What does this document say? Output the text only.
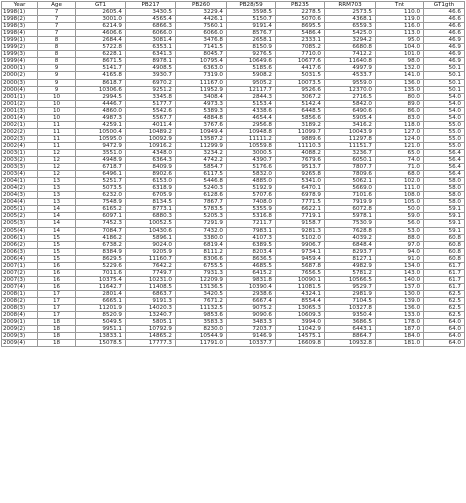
Year	Age	GT1	PB217	PB260	PB28/59	PB235	RRM703	Tnt	GT1gth
1998(1)	7	2605.4	3430.5	3229.4	3598.5	2278.5	2573.5	110.0	46.6
1998(2)	7	3001.0	4565.4	4426.1	5150.7	5070.6	4368.1	119.0	46.6
1998(3)	7	6214.9	6866.3	7560.1	9191.4	8695.5	6559.3	116.0	46.6
1998(4)	7	4606.6	6066.0	6066.0	8576.7	5486.4	5425.0	113.0	46.6
1999(1)	8	2684.4	3081.4	3476.8	2658.1	2333.1	3294.2	95.0	46.9
1999(2)	8	5722.8	6353.1	7141.5	8150.9	7085.2	6680.8	104.0	46.9
1999(3)	8	6228.1	6341.3	8045.7	9276.5	7710.0	7412.2	101.0	46.9
1999(4)	8	8671.5	8978.1	10795.4	10649.6	10677.6	11640.8	98.0	46.9
2000(1)	9	5141.7	4908.5	6363.0	5185.6	4417.6	4997.9	132.0	50.1
2000(2)	9	4165.8	3930.7	7319.0	5908.2	5031.5	4533.7	141.0	50.1
2000(3)	9	8618.7	6970.2	11167.0	9505.2	10073.5	9559.0	136.0	50.1
2000(4)	9	10306.6	9251.2	11952.9	12117.7	9526.6	12370.0	135.0	50.1
2001(1)	10	2994.5	3345.8	3408.4	2844.3	3067.2	2716.5	80.0	54.0
2001(2)	10	4446.7	5177.7	4973.3	5153.4	5142.4	5842.0	89.0	54.0
2001(3)	10	4860.0	5542.6	5389.3	4338.6	6448.5	6490.6	86.0	54.0
2001(4)	10	4987.3	5567.7	4884.8	4654.4	5856.6	5905.4	83.0	54.0
2002(1)	11	4259.1	4011.4	3767.6	2956.8	3189.2	3416.2	118.0	55.0
2002(2)	11	10500.4	10489.2	10949.4	10948.8	11099.7	10043.9	127.0	55.0
2002(3)	11	10595.0	10092.9	13587.2	11111.2	9889.6	11297.8	124.0	55.0
2002(4)	11	9472.9	10916.2	11299.9	10559.8	11110.3	11151.7	121.0	55.0
2003(1)	12	3551.0	4348.0	3234.2	3000.5	4088.2	3236.7	65.0	56.4
2003(2)	12	4948.9	6364.3	4742.2	4390.7	7679.6	6050.1	74.0	56.4
2003(3)	12	6718.7	8409.9	5854.7	5176.6	9513.7	7807.7	71.0	56.4
2003(4)	12	6496.1	8902.6	6117.5	5832.0	9265.8	7809.6	68.0	56.4
2004(1)	13	5251.7	6153.0	5446.8	4885.0	5341.0	5062.1	102.0	58.0
2004(2)	13	5073.5	6318.9	5240.3	5192.9	6470.1	5669.0	111.0	58.0
2004(3)	13	6232.0	6705.9	6128.6	5707.6	6978.9	7101.6	108.0	58.0
2004(4)	13	7548.9	8134.5	7867.7	7408.0	7771.5	7919.9	105.0	58.0
2005(1)	14	6165.2	8773.1	5783.5	5355.9	6622.1	6072.8	50.0	59.1
2005(2)	14	6097.1	6880.3	5205.3	5316.8	7719.1	5978.1	59.0	59.1
2005(3)	14	7452.3	10052.5	7291.9	7211.7	9158.7	7530.9	56.0	59.1
2005(4)	14	7084.7	10430.6	7432.0	7983.1	9281.3	7628.8	53.0	59.1
2006(1)	15	4186.2	5896.1	3380.0	4107.3	5102.0	4039.2	88.0	60.8
2006(2)	15	6738.2	9024.0	6819.4	6389.5	9906.7	6848.4	97.0	60.8
2006(3)	15	8384.9	9205.9	8111.2	8203.4	9734.1	8293.7	94.0	60.8
2006(4)	15	8629.5	11160.7	8306.6	8636.5	9459.4	8127.1	91.0	60.8
2007(1)	16	5229.6	7642.2	6755.5	4685.5	5687.8	4982.9	134.0	61.7
2007(2)	16	7011.6	7749.7	7931.3	6415.2	7656.5	5781.2	143.0	61.7
2007(3)	16	10375.4	10231.0	12209.9	9831.8	10090.1	10566.5	140.0	61.7
2007(4)	16	11642.7	11408.5	13136.5	10390.4	11081.5	9529.7	137.0	61.7
2008(1)	17	2801.4	6863.7	3420.5	2938.6	4324.1	2981.9	130.0	62.5
2008(2)	17	6665.1	9191.3	7671.2	6667.4	8554.4	7104.5	139.0	62.5
2008(3)	17	11201.9	14020.3	11132.5	9075.2	13065.3	10327.8	136.0	62.5
2008(4)	17	8520.9	13240.7	9853.6	9090.6	10609.3	9350.4	133.0	62.5
2009(1)	18	5049.5	5805.1	3583.3	3483.3	3994.0	3686.5	178.0	64.0
2009(2)	18	9951.1	10792.9	8230.0	7203.7	11042.9	6443.1	187.0	64.0
2009(3)	18	13833.1	14865.2	10544.9	9146.9	14575.1	8864.7	184.0	64.0
2009(4)	18	15078.5	17777.3	11791.0	10337.7	16609.8	10932.8	181.0	64.0
